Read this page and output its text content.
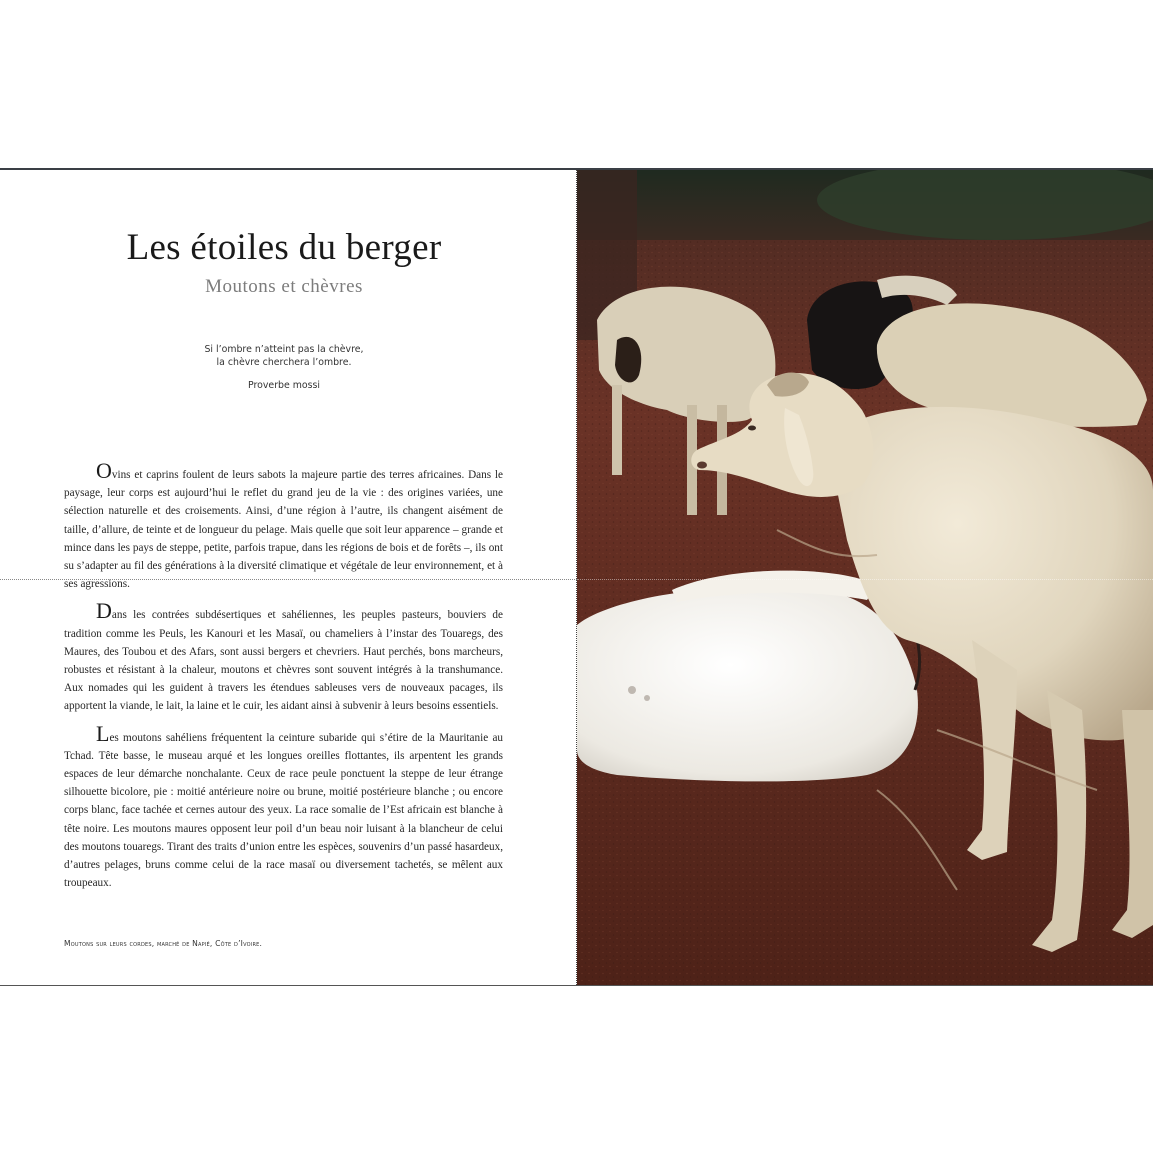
Les étoiles du berger
Moutons et chèvres
Si l’ombre n’atteint pas la chèvre,
la chèvre cherchera l’ombre.
Proverbe mossi

Ovins et caprins foulent de leurs sabots la majeure partie des terres africaines. Dans le paysage, leur corps est aujourd’hui le reflet du grand jeu de la vie : des origines variées, une sélection naturelle et des croisements. Ainsi, d’une région à l’autre, ils changent aisément de taille, d’allure, de teinte et de longueur du pelage. Mais quelle que soit leur apparence – grande et mince dans les pays de steppe, petite, parfois trapue, dans les régions de bois et de forêts –, ils ont su s’adapter au fil des générations à la diversité climatique et végétale de leur environnement, et à ses agressions.

Dans les contrées subdésertiques et sahéliennes, les peuples pasteurs, bouviers de tradition comme les Peuls, les Kanouri et les Masaï, ou chameliers à l’instar des Touaregs, des Maures, des Toubou et des Afars, sont aussi bergers et chevriers. Haut perchés, bons marcheurs, robustes et résistant à la chaleur, moutons et chèvres sont souvent intégrés à la transhumance. Aux nomades qui les guident à travers les étendues sableuses vers de nouveaux pacages, ils apportent la viande, le lait, la laine et le cuir, les aidant ainsi à subvenir à leurs besoins essentiels.

Les moutons sahéliens fréquentent la ceinture subaride qui s’étire de la Mauritanie au Tchad. Tête basse, le museau arqué et les longues oreilles flottantes, ils arpentent les grands espaces de leur démarche nonchalante. Ceux de race peule ponctuent la steppe de leur étrange silhouette bicolore, pie : moitié antérieure noire ou brune, moitié postérieure blanche ; ou encore corps blanc, face tachée et cernes autour des yeux. La race somalie de l’Est africain est blanche à tête noire. Les moutons maures opposent leur poil d’un beau noir luisant à la blancheur de celui des moutons touaregs. Tirant des traits d’union entre les espèces, souvenirs d’un passé hasardeux, d’autres pelages, bruns comme celui de la race masaï ou diversement tachetés, se mêlent aux troupeaux.

Moutons sur leurs cordes, marché de Napié, Côte d’Ivoire.
